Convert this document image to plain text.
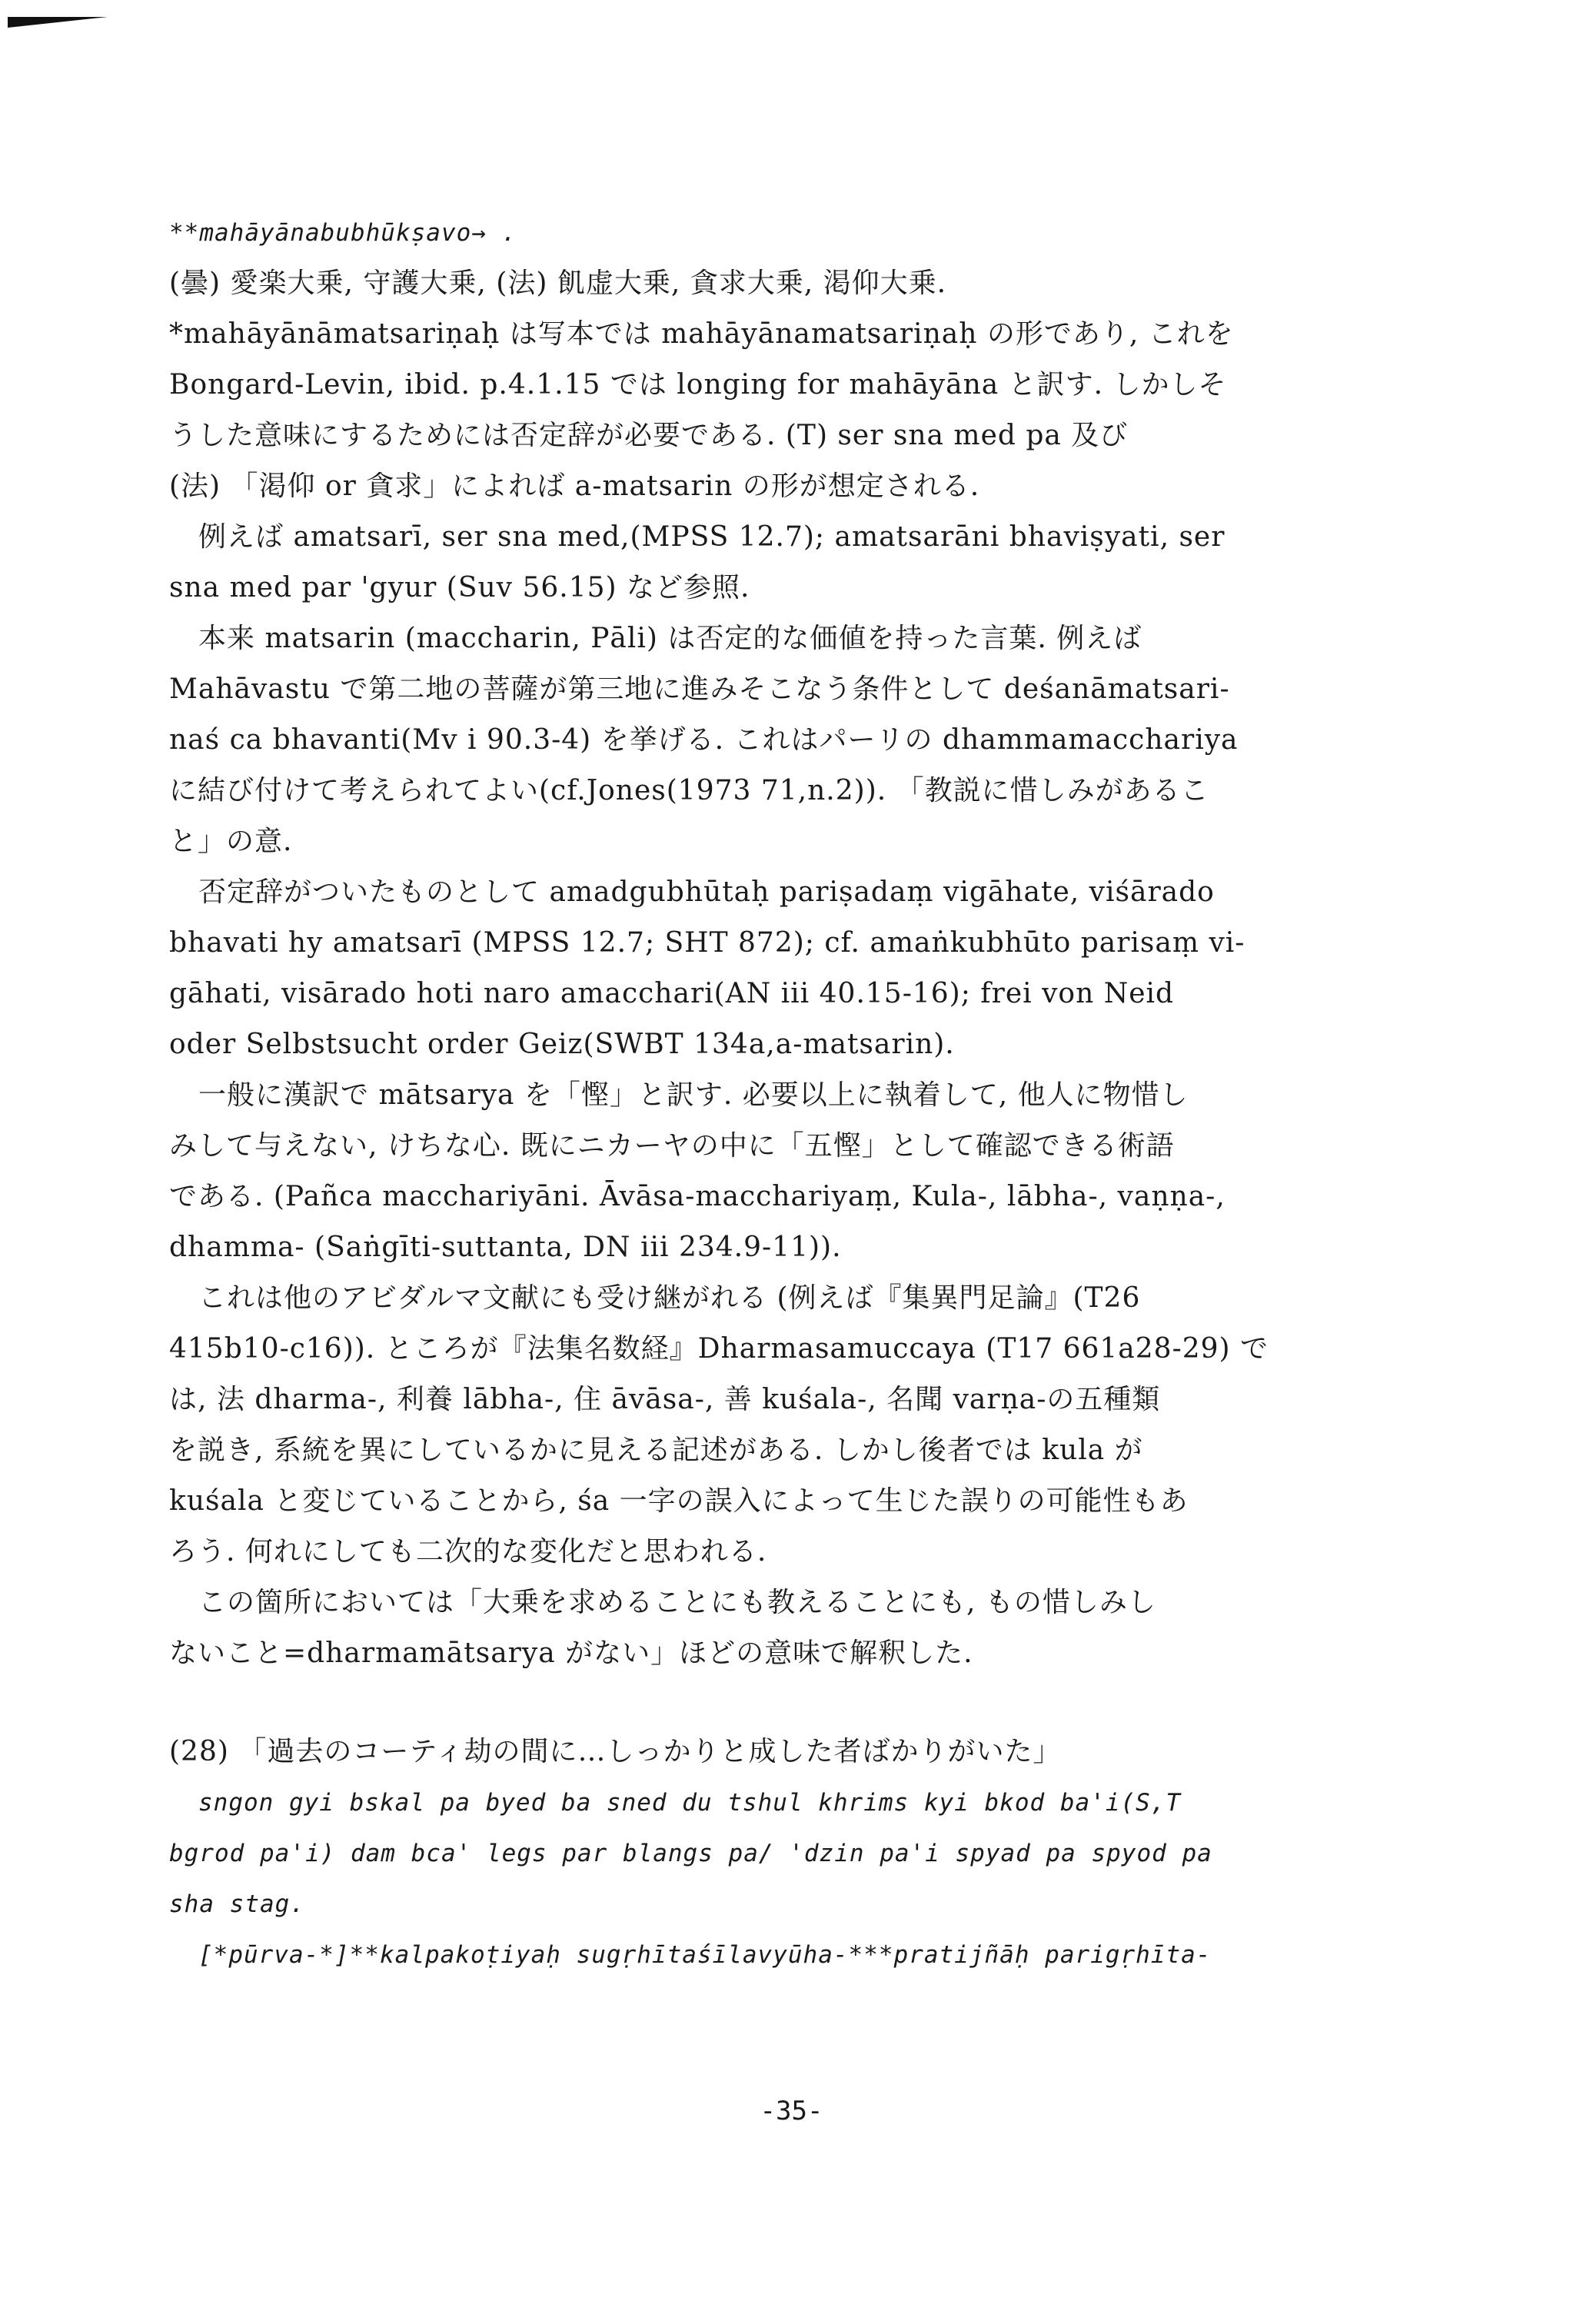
**mahāyānabubhūkṣavo→ .
(曇) 愛楽大乗, 守護大乗, (法) 飢虚大乗, 貪求大乗, 渇仰大乗.
*mahāyānāmatsariṇaḥ は写本では mahāyānamatsariṇaḥ の形であり, これを
Bongard-Levin, ibid. p.4.1.15 では longing for mahāyāna と訳す. しかしそ
うした意味にするためには否定辞が必要である. (T) ser sna med pa 及び
(法) 「渇仰 or 貪求」によれば a-matsarin の形が想定される.
例えば amatsarī, ser sna med,(MPSS 12.7); amatsarāni bhaviṣyati, ser
sna med par 'gyur (Suv 56.15) など参照.
本来 matsarin (maccharin, Pāli) は否定的な価値を持った言葉. 例えば
Mahāvastu で第二地の菩薩が第三地に進みそこなう条件として deśanāmatsari-
naś ca bhavanti(Mv i 90.3-4) を挙げる. これはパーリの dhammamacchariya
に結び付けて考えられてよい(cf.Jones(1973 71,n.2)). 「教説に惜しみがあるこ
と」の意.
否定辞がついたものとして amadgubhūtaḥ pariṣadaṃ vigāhate, viśārado
bhavati hy amatsarī (MPSS 12.7; SHT 872); cf. amaṅkubhūto parisaṃ vi-
gāhati, visārado hoti naro amacchari(AN iii 40.15-16); frei von Neid
oder Selbstsucht order Geiz(SWBT 134a,a-matsarin).
一般に漢訳で mātsarya を「慳」と訳す. 必要以上に執着して, 他人に物惜し
みして与えない, けちな心. 既にニカーヤの中に「五慳」として確認できる術語
である. (Pañca macchariyāni. Āvāsa-macchariyaṃ, Kula-, lābha-, vaṇṇa-,
dhamma- (Saṅgīti-suttanta, DN iii 234.9-11)).
これは他のアビダルマ文献にも受け継がれる (例えば『集異門足論』(T26
415b10-c16)). ところが『法集名数経』Dharmasamuccaya (T17 661a28-29) で
は, 法 dharma-, 利養 lābha-, 住 āvāsa-, 善 kuśala-, 名聞 varṇa-の五種類
を説き, 系統を異にしているかに見える記述がある. しかし後者では kula が
kuśala と変じていることから, śa 一字の誤入によって生じた誤りの可能性もあ
ろう. 何れにしても二次的な変化だと思われる.
この箇所においては「大乗を求めることにも教えることにも, もの惜しみし
ないこと=dharmamātsarya がない」ほどの意味で解釈した.
(28) 「過去のコーティ劫の間に…しっかりと成した者ばかりがいた」
sngon gyi bskal pa byed ba sned du tshul khrims kyi bkod ba'i(S,T
bgrod pa'i) dam bca' legs par blangs pa/ 'dzin pa'i spyad pa spyod pa
sha stag.
[*pūrva-*]**kalpakoṭiyaḥ sugṛhītaśīlavyūha-***pratijñāḥ parigṛhīta-
-35-
